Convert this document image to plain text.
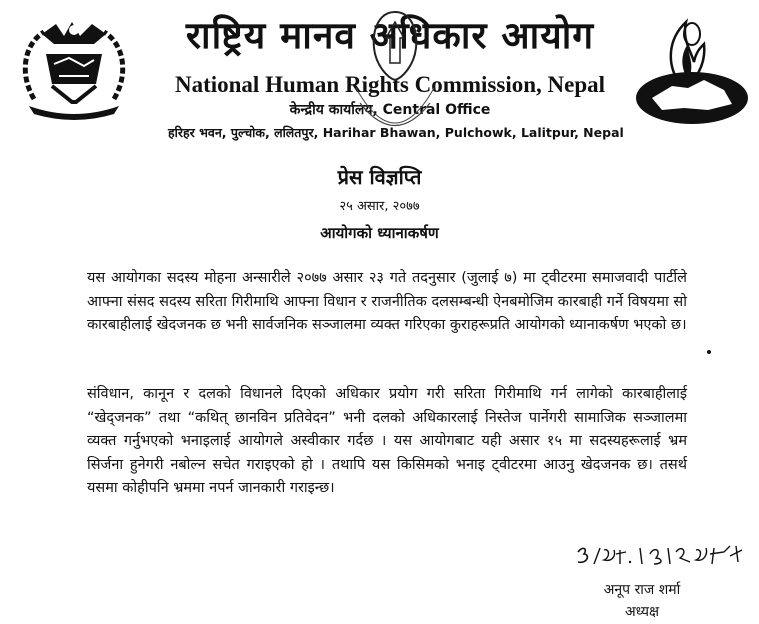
राष्ट्रिय मानव अधिकार आयोग
National Human Rights Commission, Nepal
केन्द्रीय कार्यालय, Central Office
हरिहर भवन, पुल्चोक, ललितपुर, Harihar Bhawan, Pulchowk, Lalitpur, Nepal
प्रेस विज्ञप्ति
२५ असार, २०७७
आयोगको ध्यानाकर्षण
यस आयोगका सदस्य मोहना अन्सारीले २०७७ असार २३ गते तदनुसार (जुलाई ७) मा ट्वीटरमा समाजवादी पार्टीले आफ्ना संसद सदस्य सरिता गिरीमाथि आफ्ना विधान र राजनीतिक दलसम्बन्धी ऐनबमोजिम कारबाही गर्ने विषयमा सो कारबाहीलाई खेदजनक छ भनी सार्वजनिक सञ्जालमा व्यक्त गरिएका कुराहरूप्रति आयोगको ध्यानाकर्षण भएको छ।
संविधान, कानून र दलको विधानले दिएको अधिकार प्रयोग गरी सरिता गिरीमाथि गर्न लागेको कारबाहीलाई “खेद्जनक” तथा “कथित् छानविन प्रतिवेदन” भनी दलको अधिकारलाई निस्तेज पार्नेगरी सामाजिक सञ्जालमा व्यक्त गर्नुभएको भनाइलाई आयोगले अस्वीकार गर्दछ । यस आयोगबाट यही असार १५ मा सदस्यहरूलाई भ्रम सिर्जना हुनेगरी नबोल्न सचेत गराइएको हो । तथापि यस किसिमको भनाइ ट्वीटरमा आउनु खेदजनक छ। तसर्थ यसमा कोहीपनि भ्रममा नपर्न जानकारी गराइन्छ।
अनूप राज शर्मा
अध्यक्ष
